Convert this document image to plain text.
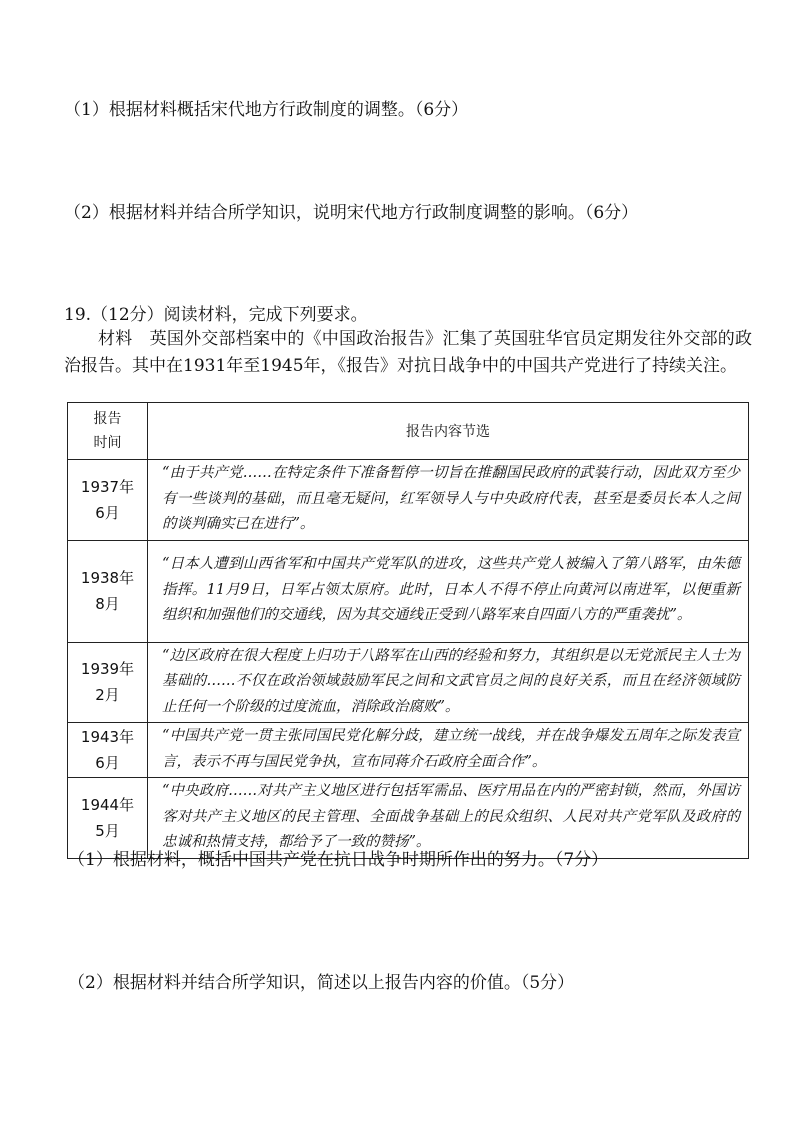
（1）根据材料概括宋代地方行政制度的调整。（6分）
（2）根据材料并结合所学知识，说明宋代地方行政制度调整的影响。（6分）
19.（12分）阅读材料，完成下列要求。
材料　英国外交部档案中的《中国政治报告》汇集了英国驻华官员定期发往外交部的政治报告。其中在1931年至1945年，《报告》对抗日战争中的中国共产党进行了持续关注。
报告
时间	报告内容节选

1937年
6月	“由于共产党……在特定条件下准备暂停一切旨在推翻国民政府的武装行动，因此双方至少有一些谈判的基础，而且毫无疑问，红军领导人与中央政府代表，甚至是委员长本人之间的谈判确实已在进行”。

1938年
8月	“日本人遭到山西省军和中国共产党军队的进攻，这些共产党人被编入了第八路军，由朱德指挥。11月9日，日军占领太原府。此时，日本人不得不停止向黄河以南进军，以便重新组织和加强他们的交通线，因为其交通线正受到八路军来自四面八方的严重袭扰”。

1939年
2月	“边区政府在很大程度上归功于八路军在山西的经验和努力，其组织是以无党派民主人士为基础的……不仅在政治领域鼓励军民之间和文武官员之间的良好关系，而且在经济领域防止任何一个阶级的过度流血，消除政治腐败”。

1943年
6月	“中国共产党一贯主张同国民党化解分歧，建立统一战线，并在战争爆发五周年之际发表宣言，表示不再与国民党争执，宣布同蒋介石政府全面合作”。

1944年
5月	“中央政府……对共产主义地区进行包括军需品、医疗用品在内的严密封锁，然而，外国访客对共产主义地区的民主管理、全面战争基础上的民众组织、人民对共产党军队及政府的忠诚和热情支持，都给予了一致的赞扬”。
（1）根据材料，概括中国共产党在抗日战争时期所作出的努力。（7分）
（2）根据材料并结合所学知识，简述以上报告内容的价值。（5分）
